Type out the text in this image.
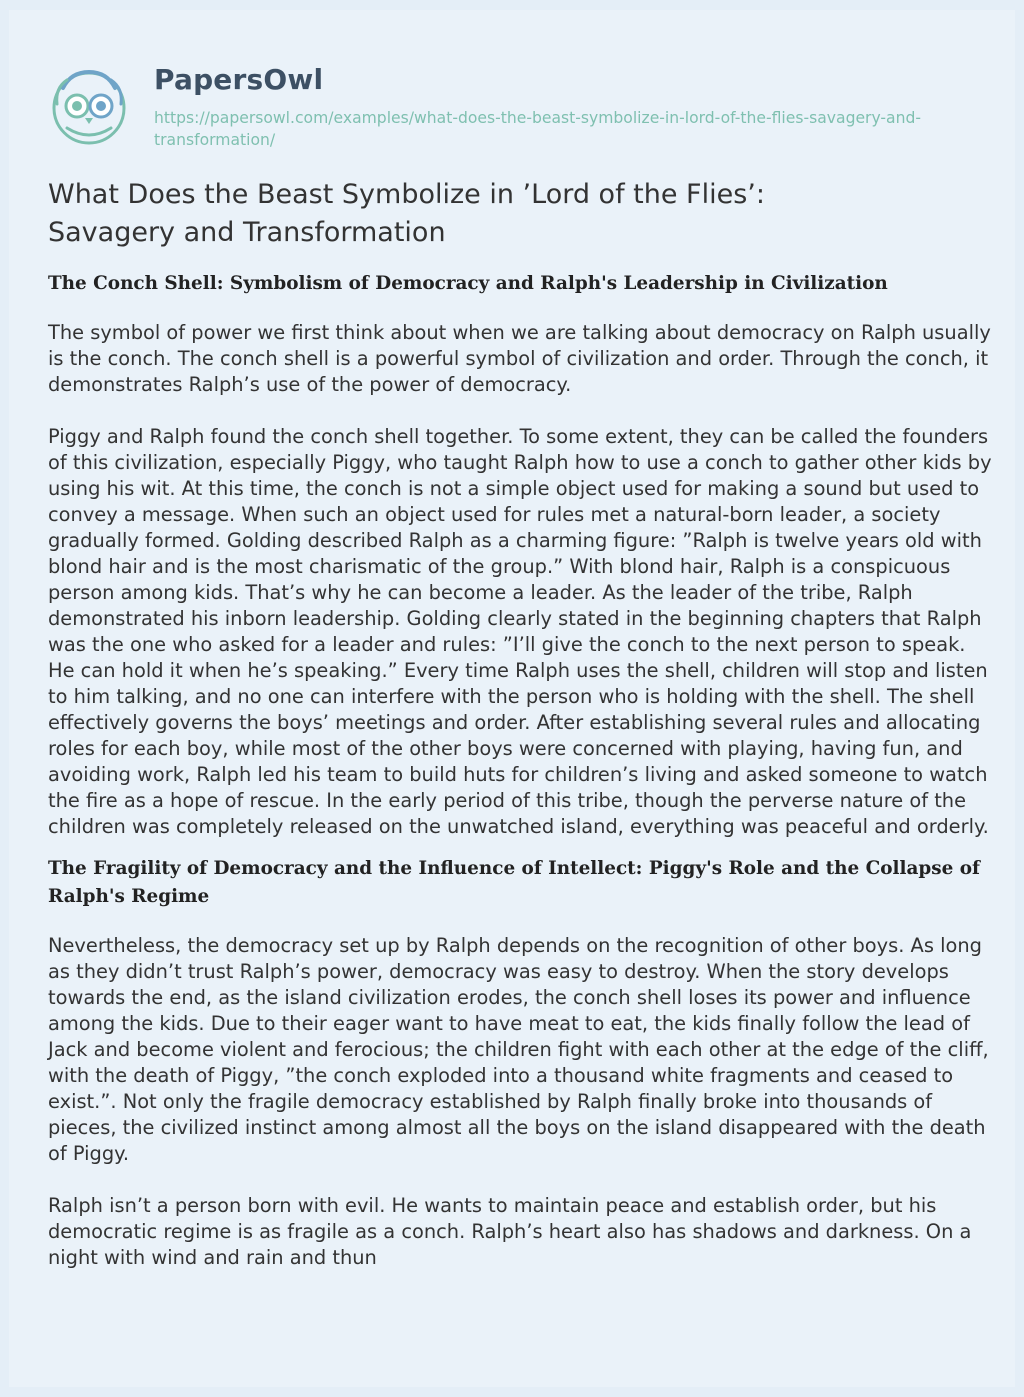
PapersOwl
https://papersowl.com/examples/what-does-the-beast-symbolize-in-lord-of-the-flies-savagery-and-transformation/
What Does the Beast Symbolize in ’Lord of the Flies’:
Savagery and Transformation
The Conch Shell: Symbolism of Democracy and Ralph's Leadership in Civilization

The symbol of power we first think about when we are talking about democracy on Ralph usually is the conch. The conch shell is a powerful symbol of civilization and order. Through the conch, it demonstrates Ralph’s use of the power of democracy.

Piggy and Ralph found the conch shell together. To some extent, they can be called the founders of this civilization, especially Piggy, who taught Ralph how to use a conch to gather other kids by using his wit. At this time, the conch is not a simple object used for making a sound but used to convey a message. When such an object used for rules met a natural-born leader, a society gradually formed. Golding described Ralph as a charming figure: ”Ralph is twelve years old with blond hair and is the most charismatic of the group.” With blond hair, Ralph is a conspicuous person among kids. That’s why he can become a leader. As the leader of the tribe, Ralph demonstrated his inborn leadership. Golding clearly stated in the beginning chapters that Ralph was the one who asked for a leader and rules: ”I’ll give the conch to the next person to speak. He can hold it when he’s speaking.” Every time Ralph uses the shell, children will stop and listen to him talking, and no one can interfere with the person who is holding with the shell. The shell effectively governs the boys’ meetings and order. After establishing several rules and allocating roles for each boy, while most of the other boys were concerned with playing, having fun, and avoiding work, Ralph led his team to build huts for children’s living and asked someone to watch the fire as a hope of rescue. In the early period of this tribe, though the perverse nature of the children was completely released on the unwatched island, everything was peaceful and orderly.

The Fragility of Democracy and the Influence of Intellect: Piggy's Role and the Collapse of Ralph's Regime

Nevertheless, the democracy set up by Ralph depends on the recognition of other boys. As long as they didn’t trust Ralph’s power, democracy was easy to destroy. When the story develops towards the end, as the island civilization erodes, the conch shell loses its power and influence among the kids. Due to their eager want to have meat to eat, the kids finally follow the lead of Jack and become violent and ferocious; the children fight with each other at the edge of the cliff, with the death of Piggy, ”the conch exploded into a thousand white fragments and ceased to exist.”. Not only the fragile democracy established by Ralph finally broke into thousands of pieces, the civilized instinct among almost all the boys on the island disappeared with the death of Piggy.

Ralph isn’t a person born with evil. He wants to maintain peace and establish order, but his democratic regime is as fragile as a conch. Ralph’s heart also has shadows and darkness. On a night with wind and rain and thun
